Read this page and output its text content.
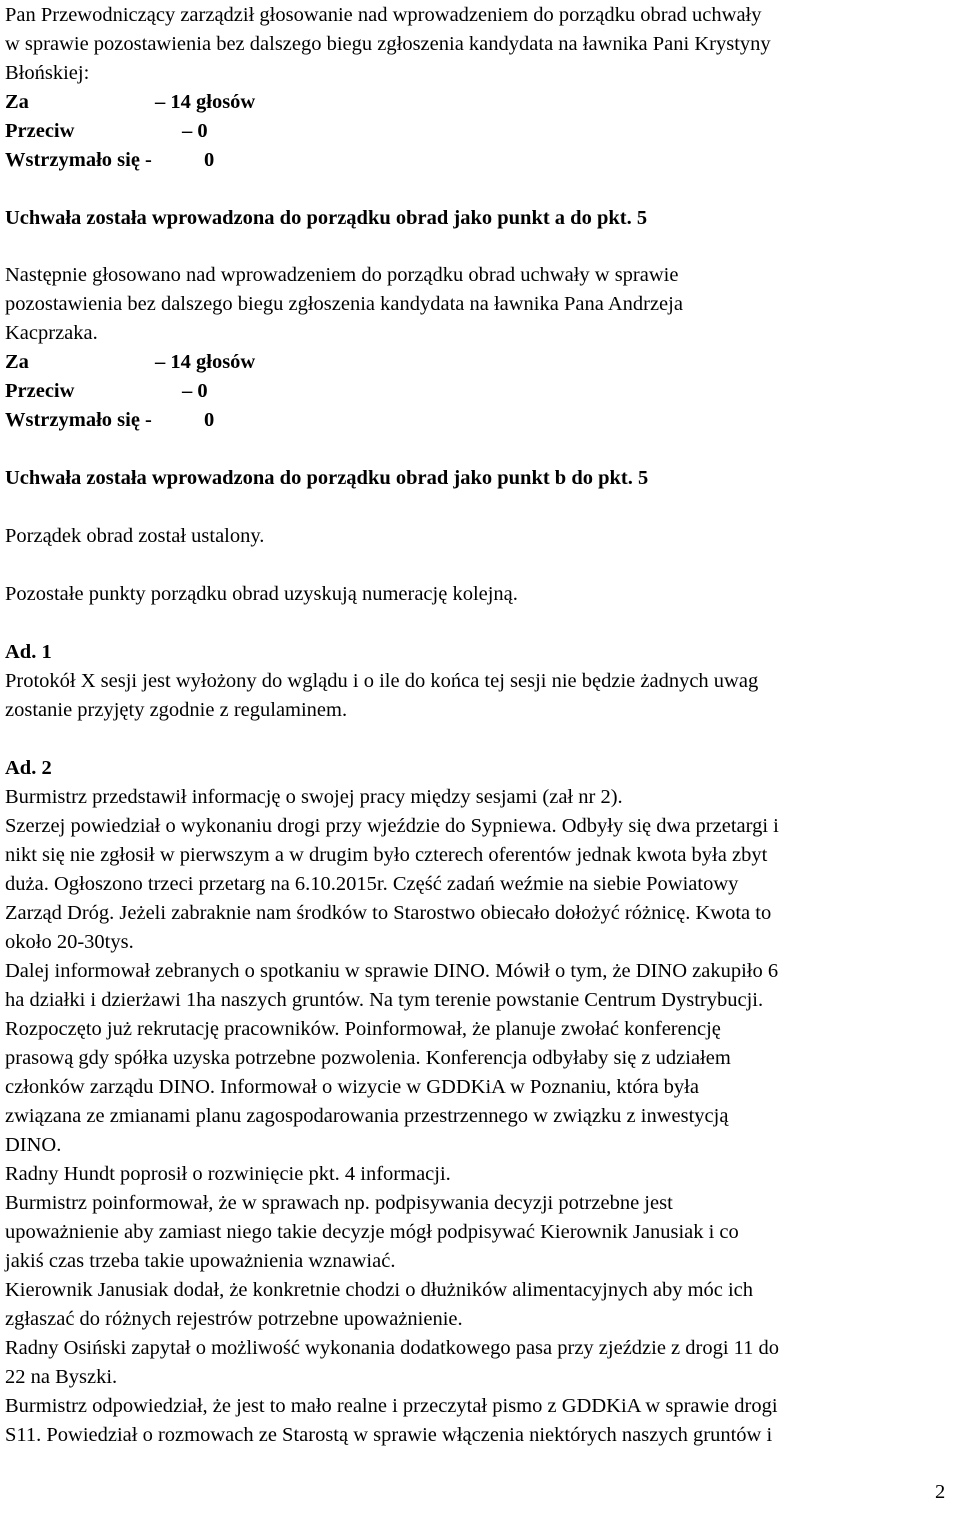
Pan Przewodniczący zarządził głosowanie nad wprowadzeniem do porządku obrad uchwały
w sprawie pozostawienia bez dalszego biegu zgłoszenia kandydata na ławnika Pani Krystyny
Błońskiej:
Za	– 14 głosów
Przeciw	– 0
Wstrzymało się -	0
Uchwała została wprowadzona do porządku obrad jako punkt a do pkt. 5
Następnie głosowano nad wprowadzeniem do porządku obrad uchwały w sprawie
pozostawienia bez dalszego biegu zgłoszenia kandydata na ławnika Pana Andrzeja
Kacprzaka.
Za	– 14 głosów
Przeciw	– 0
Wstrzymało się -	0
Uchwała została wprowadzona do porządku obrad jako punkt b do pkt. 5
Porządek obrad został ustalony.
Pozostałe punkty porządku obrad uzyskują numerację kolejną.
Ad. 1
Protokół X sesji jest wyłożony do wglądu i o ile do końca tej sesji nie będzie żadnych uwag
zostanie przyjęty zgodnie z regulaminem.
Ad. 2
Burmistrz przedstawił informację o swojej pracy między sesjami (zał nr 2).
Szerzej powiedział o wykonaniu drogi przy wjeździe do Sypniewa. Odbyły się dwa przetargi i
nikt się nie zgłosił w pierwszym a w drugim było czterech oferentów jednak kwota była zbyt
duża. Ogłoszono trzeci przetarg na 6.10.2015r. Część zadań weźmie na siebie Powiatowy
Zarząd Dróg. Jeżeli zabraknie nam środków to Starostwo obiecało dołożyć różnicę. Kwota to
około 20-30tys.
Dalej informował zebranych o spotkaniu w sprawie DINO. Mówił o tym, że DINO zakupiło 6
ha działki i dzierżawi 1ha naszych gruntów. Na tym terenie powstanie Centrum Dystrybucji.
Rozpoczęto już rekrutację pracowników. Poinformował, że planuje zwołać konferencję
prasową gdy spółka uzyska potrzebne pozwolenia. Konferencja odbyłaby się z udziałem
członków zarządu DINO. Informował o wizycie w GDDKiA w Poznaniu, która była
związana ze zmianami planu zagospodarowania przestrzennego w związku z inwestycją
DINO.
Radny Hundt poprosił o rozwinięcie pkt. 4 informacji.
Burmistrz poinformował, że w sprawach np. podpisywania decyzji potrzebne jest
upoważnienie aby zamiast niego takie decyzje mógł podpisywać Kierownik Janusiak i co
jakiś czas trzeba takie upoważnienia wznawiać.
Kierownik Janusiak dodał, że konkretnie chodzi o dłużników alimentacyjnych aby móc ich
zgłaszać do różnych rejestrów potrzebne upoważnienie.
Radny Osiński zapytał o możliwość wykonania dodatkowego pasa przy zjeździe z drogi 11 do
22 na Byszki.
Burmistrz odpowiedział, że jest to mało realne i przeczytał pismo z GDDKiA w sprawie drogi
S11. Powiedział o rozmowach ze Starostą w sprawie włączenia niektórych naszych gruntów i
2
